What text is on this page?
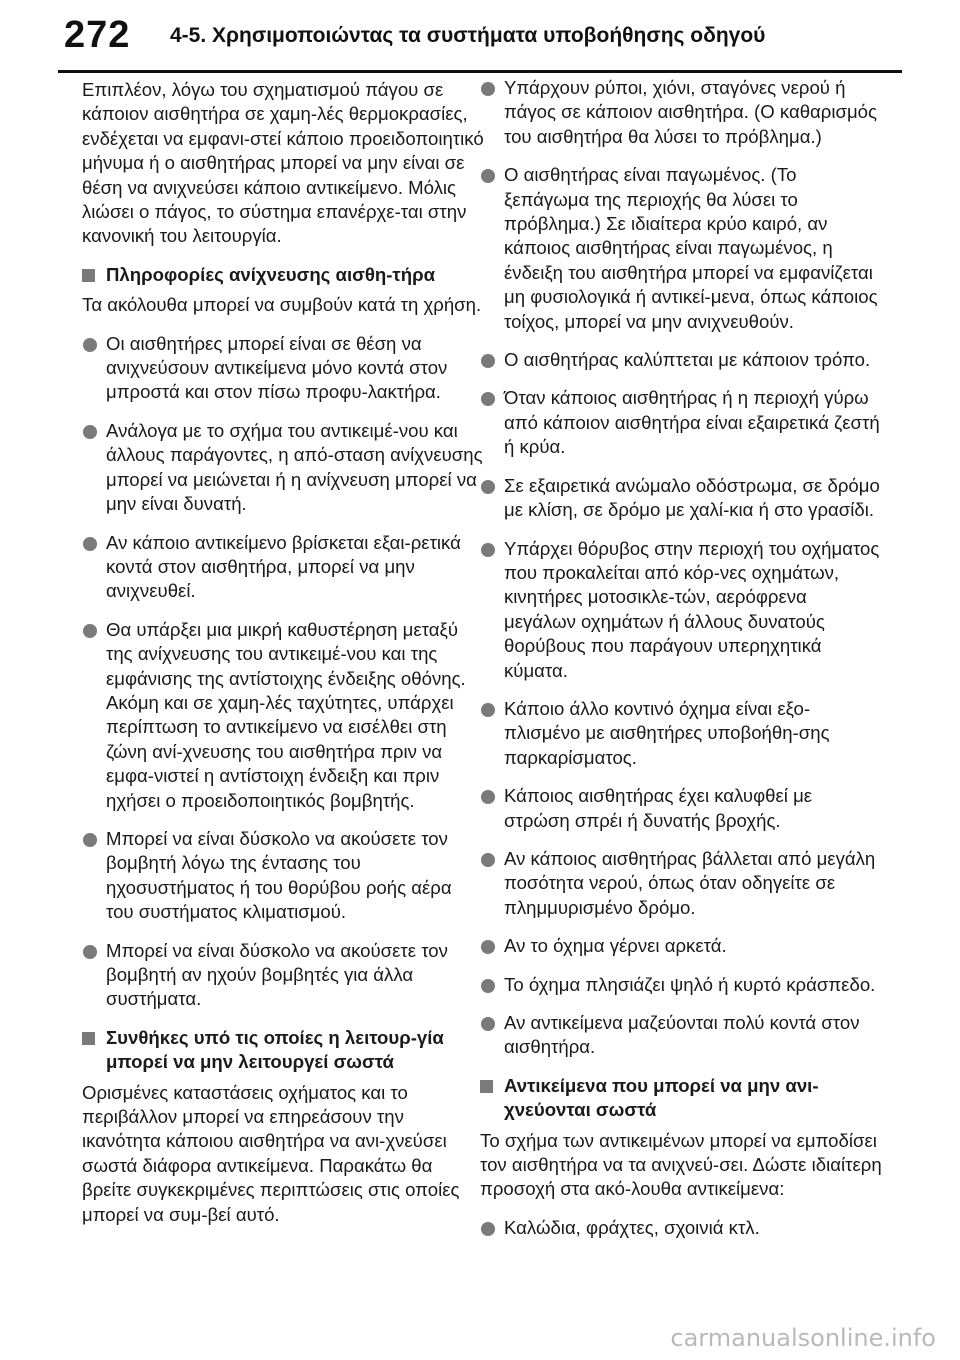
272 4-5. Χρησιμοποιώντας τα συστήματα υποβοήθησης οδηγού

Επιπλέον, λόγω του σχηματισμού πάγου σε κάποιον αισθητήρα σε χαμη-λές θερμοκρασίες, ενδέχεται να εμφανι-στεί κάποιο προειδοποιητικό μήνυμα ή ο αισθητήρας μπορεί να μην είναι σε θέση να ανιχνεύσει κάποιο αντικείμενο. Μόλις λιώσει ο πάγος, το σύστημα επανέρχε-ται στην κανονική του λειτουργία.

Πληροφορίες ανίχνευσης αισθη-τήρα

Τα ακόλουθα μπορεί να συμβούν κατά τη χρήση.

Οι αισθητήρες μπορεί είναι σε θέση να ανιχνεύσουν αντικείμενα μόνο κοντά στον μπροστά και στον πίσω προφυ-λακτήρα.

Ανάλογα με το σχήμα του αντικειμέ-νου και άλλους παράγοντες, η από-σταση ανίχνευσης μπορεί να μειώνεται ή η ανίχνευση μπορεί να μην είναι δυνατή.

Αν κάποιο αντικείμενο βρίσκεται εξαι-ρετικά κοντά στον αισθητήρα, μπορεί να μην ανιχνευθεί.

Θα υπάρξει μια μικρή καθυστέρηση μεταξύ της ανίχνευσης του αντικειμέ-νου και της εμφάνισης της αντίστοιχης ένδειξης οθόνης. Ακόμη και σε χαμη-λές ταχύτητες, υπάρχει περίπτωση το αντικείμενο να εισέλθει στη ζώνη ανί-χνευσης του αισθητήρα πριν να εμφα-νιστεί η αντίστοιχη ένδειξη και πριν ηχήσει ο προειδοποιητικός βομβητής.

Μπορεί να είναι δύσκολο να ακούσετε τον βομβητή λόγω της έντασης του ηχοσυστήματος ή του θορύβου ροής αέρα του συστήματος κλιματισμού.

Μπορεί να είναι δύσκολο να ακούσετε τον βομβητή αν ηχούν βομβητές για άλλα συστήματα.

Συνθήκες υπό τις οποίες η λειτουρ-γία μπορεί να μην λειτουργεί σωστά

Ορισμένες καταστάσεις οχήματος και το περιβάλλον μπορεί να επηρεάσουν την ικανότητα κάποιου αισθητήρα να ανι-χνεύσει σωστά διάφορα αντικείμενα. Παρακάτω θα βρείτε συγκεκριμένες περιπτώσεις στις οποίες μπορεί να συμ-βεί αυτό.

Υπάρχουν ρύποι, χιόνι, σταγόνες νερού ή πάγος σε κάποιον αισθητήρα. (Ο καθαρισμός του αισθητήρα θα λύσει το πρόβλημα.)

Ο αισθητήρας είναι παγωμένος. (Το ξεπάγωμα της περιοχής θα λύσει το πρόβλημα.) Σε ιδιαίτερα κρύο καιρό, αν κάποιος αισθητήρας είναι παγωμένος, η ένδειξη του αισθητήρα μπορεί να εμφανίζεται μη φυσιολογικά ή αντικεί-μενα, όπως κάποιος τοίχος, μπορεί να μην ανιχνευθούν.

Ο αισθητήρας καλύπτεται με κάποιον τρόπο.

Όταν κάποιος αισθητήρας ή η περιοχή γύρω από κάποιον αισθητήρα είναι εξαιρετικά ζεστή ή κρύα.

Σε εξαιρετικά ανώμαλο οδόστρωμα, σε δρόμο με κλίση, σε δρόμο με χαλί-κια ή στο γρασίδι.

Υπάρχει θόρυβος στην περιοχή του οχήματος που προκαλείται από κόρ-νες οχημάτων, κινητήρες μοτοσικλε-τών, αερόφρενα μεγάλων οχημάτων ή άλλους δυνατούς θορύβους που παράγουν υπερηχητικά κύματα.

Κάποιο άλλο κοντινό όχημα είναι εξο-πλισμένο με αισθητήρες υποβοήθη-σης παρκαρίσματος.

Κάποιος αισθητήρας έχει καλυφθεί με στρώση σπρέι ή δυνατής βροχής.

Αν κάποιος αισθητήρας βάλλεται από μεγάλη ποσότητα νερού, όπως όταν οδηγείτε σε πλημμυρισμένο δρόμο.

Αν το όχημα γέρνει αρκετά.

Το όχημα πλησιάζει ψηλό ή κυρτό κράσπεδο.

Αν αντικείμενα μαζεύονται πολύ κοντά στον αισθητήρα.

Αντικείμενα που μπορεί να μην ανι-χνεύονται σωστά

Το σχήμα των αντικειμένων μπορεί να εμποδίσει τον αισθητήρα να τα ανιχνεύ-σει. Δώστε ιδιαίτερη προσοχή στα ακό-λουθα αντικείμενα:

Καλώδια, φράχτες, σχοινιά κτλ.

carmanualsonline.info
